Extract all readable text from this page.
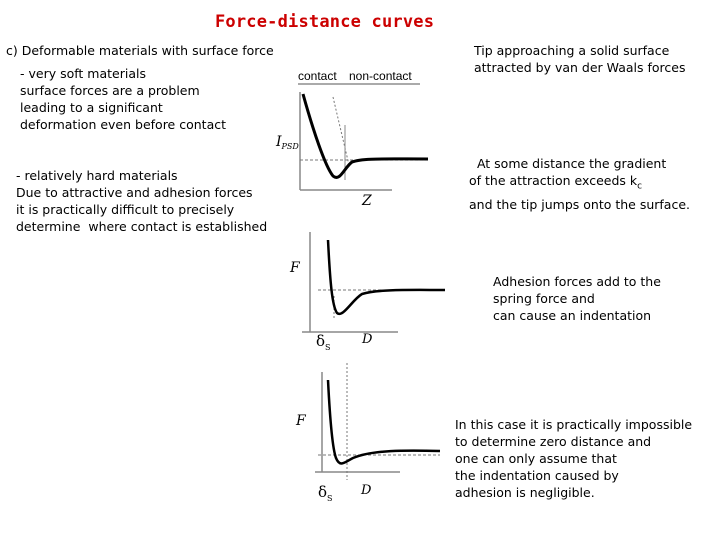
Force-distance curves
c) Deformable materials with surface force
- very soft materials
surface forces are a problem
leading to a significant
deformation even before contact
- relatively hard materials
Due to attractive and adhesion forces
it is practically difficult to precisely
determine  where contact is established
Tip approaching a solid surface
attracted by van der Waals forces

At some distance the gradient
of the attraction exceeds $k_c$
and the tip jumps onto the surface.

Adhesion forces add to the
spring force and
can cause an indentation
In this case it is practically impossible
to determine zero distance and
one can only assume that
the indentation caused by
adhesion is negligible.
contact non-contact
$I_{PSD}$
Z
F
D
$\delta_S$
F
D
$\delta_S$
